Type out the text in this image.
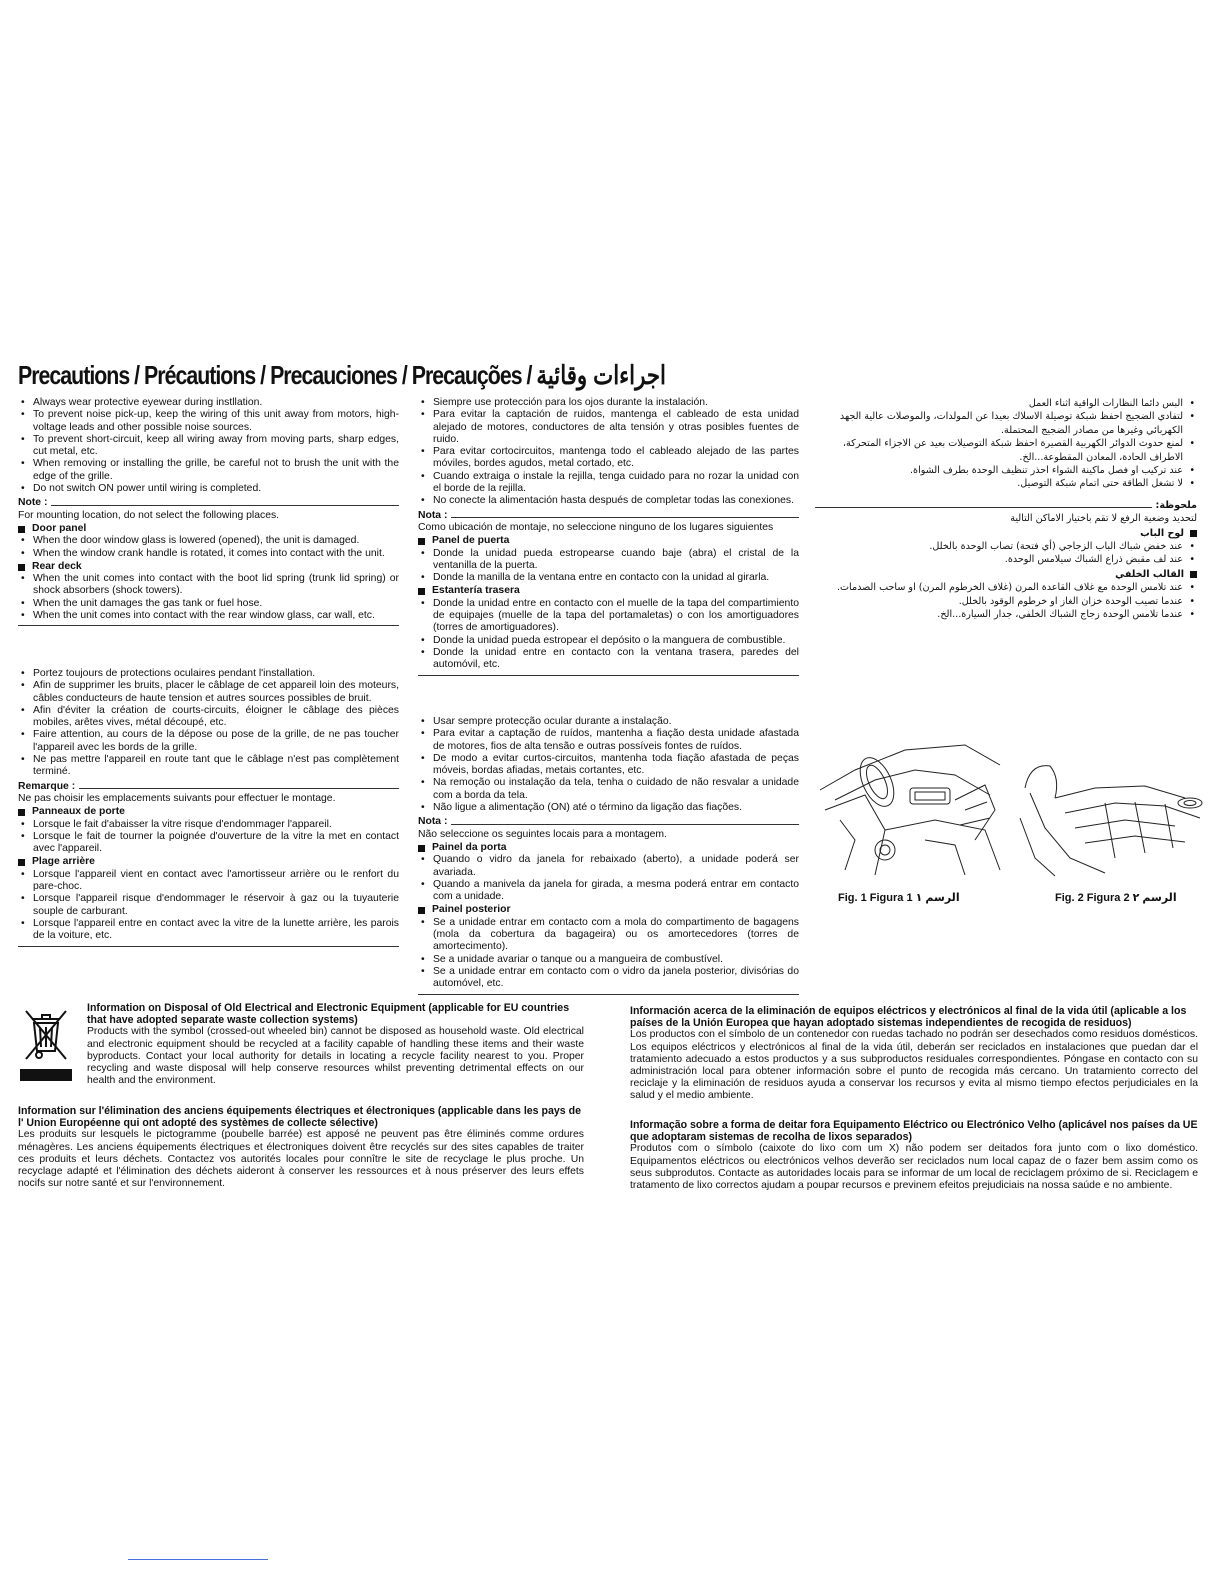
Precautions / Précautions / Precauciones / Precauções / اجراءات وقائية
• Always wear protective eyewear during instllation.
• To prevent noise pick-up, keep the wiring of this unit away from motors, high-voltage leads and other possible noise sources.
• To prevent short-circuit, keep all wiring away from moving parts, sharp edges, cut metal, etc.
• When removing or installing the grille, be careful not to brush the unit with the edge of the grille.
• Do not switch ON power until wiring is completed.
Note :

For mounting location, do not select the following places.

Door panel
• When the door window glass is lowered (opened), the unit is damaged.
• When the window crank handle is rotated, it comes into contact with the unit.
Rear deck
• When the unit comes into contact with the boot lid spring (trunk lid spring) or shock absorbers (shock towers).
• When the unit damages the gas tank or fuel hose.
• When the unit comes into contact with the rear window glass, car wall, etc.
• Siempre use protección para los ojos durante la instalación.
• Para evitar la captación de ruidos, mantenga el cableado de esta unidad alejado de motores, conductores de alta tensión y otras posibles fuentes de ruido.
• Para evitar cortocircuitos, mantenga todo el cableado alejado de las partes móviles, bordes agudos, metal cortado, etc.
• Cuando extraiga o instale la rejilla, tenga cuidado para no rozar la unidad con el borde de la rejilla.
• No conecte la alimentación hasta después de completar todas las conexiones.
Nota :

Como ubicación de montaje, no seleccione ninguno de los lugares siguientes

Panel de puerta
• Donde la unidad pueda estropearse cuando baje (abra) el cristal de la ventanilla de la puerta.
• Donde la manilla de la ventana entre en contacto con la unidad al girarla.
Estantería trasera
• Donde la unidad entre en contacto con el muelle de la tapa del compartimiento de equipajes (muelle de la tapa del portamaletas) o con los amortiguadores (torres de amortiguadores).
• Donde la unidad pueda estropear el depósito o la manguera de combustible.
• Donde la unidad entre en contacto con la ventana trasera, paredes del automóvil, etc.
• البس دائما النظارات الواقية اثناء العمل
• لتفادي الضجيج احفظ شبكة توصيلة الاسلاك بعيدا عن المولدات، والموصلات عالية الجهد الكهربائي وغيرها من مصادر الضجيج المحتملة.
• لمنع حدوث الدوائر الكهربية القصيرة احفظ شبكة التوصيلات بعيد عن الاجزاء المتحركة، الاطراف الحادة، المعادن المقطوعة...الخ.
• عند تركيب او فصل ماكينة الشواء احذر تنظيف الوحدة بطرف الشواة.
• لا تشغل الطاقة حتى اتمام شبكة التوصيل.
ملحوظة:

لتحديد وضعية الرفع لا تقم باختيار الاماكن التالية

لوح الباب
• عند خفض شباك الباب الزجاجي (أي فتحة) تصاب الوحدة بالخلل.
• عند لف مقبض ذراع الشباك سيلامس الوحدة.
القالب الخلفي
• عند تلامس الوحدة مع غلاف القاعدة المرن (غلاف الخرطوم المرن) او ساحب الصدمات.
• عندما تصيب الوحدة خزان الغاز او خرطوم الوقود بالخلل.
• عندما تلامس الوحدة زجاج الشباك الخلفي، جدار السيارة...الخ.
• Portez toujours de protections oculaires pendant l'installation.
• Afin de supprimer les bruits, placer le câblage de cet appareil loin des moteurs, câbles conducteurs de haute tension et autres sources possibles de bruit.
• Afin d'éviter la création de courts-circuits, éloigner le câblage des pièces mobiles, arêtes vives, métal découpé, etc.
• Faire attention, au cours de la dépose ou pose de la grille, de ne pas toucher l'appareil avec les bords de la grille.
• Ne pas mettre l'appareil en route tant que le câblage n'est pas complètement terminé.
Remarque :

Ne pas choisir les emplacements suivants pour effectuer le montage.

Panneaux de porte
• Lorsque le fait d'abaisser la vitre risque d'endommager l'appareil.
• Lorsque le fait de tourner la poignée d'ouverture de la vitre la met en contact avec l'appareil.
Plage arrière
• Lorsque l'appareil vient en contact avec l'amortisseur arrière ou le renfort du pare-choc.
• Lorsque l'appareil risque d'endommager le réservoir à gaz ou la tuyauterie souple de carburant.
• Lorsque l'appareil entre en contact avec la vitre de la lunette arrière, les parois de la voiture, etc.
• Usar sempre protecção ocular durante a instalação.
• Para evitar a captação de ruídos, mantenha a fiação desta unidade afastada de motores, fios de alta tensão e outras possíveis fontes de ruídos.
• De modo a evitar curtos-circuitos, mantenha toda fiação afastada de peças móveis, bordas afiadas, metais cortantes, etc.
• Na remoção ou instalação da tela, tenha o cuidado de não resvalar a unidade com a borda da tela.
• Não ligue a alimentação (ON) até o término da ligação das fiações.
Nota :

Não seleccione os seguintes locais para a montagem.

Painel da porta
• Quando o vidro da janela for rebaixado (aberto), a unidade poderá ser avariada.
• Quando a manivela da janela for girada, a mesma poderá entrar em contacto com a unidade.
Painel posterior
• Se a unidade entrar em contacto com a mola do compartimento de bagagens (mola da cobertura da bagageira) ou os amortecedores (torres de amortecimento).
• Se a unidade avariar o tanque ou a mangueira de combustível.
• Se a unidade entrar em contacto com o vidro da janela posterior, divisórias do automóvel, etc.
Fig. 1 Figura 1 الرسم ١	Fig. 2 Figura 2 الرسم ٢
Information on Disposal of Old Electrical and Electronic Equipment (applicable for EU countries that have adopted separate waste collection systems)

Products with the symbol (crossed-out wheeled bin) cannot be disposed as household waste. Old electrical and electronic equipment should be recycled at a facility capable of handling these items and their waste byproducts. Contact your local authority for details in locating a recycle facility nearest to you. Proper recycling and waste disposal will help conserve resources whilst preventing detrimental effects on our health and the environment.

Information sur l'élimination des anciens équipements électriques et électroniques (applicable dans les pays de l' Union Européenne qui ont adopté des systèmes de collecte sélective)

Les produits sur lesquels le pictogramme (poubelle barrée) est apposé ne peuvent pas être éliminés comme ordures ménagères. Les anciens équipements électriques et électroniques doivent être recyclés sur des sites capables de traiter ces produits et leurs déchets. Contactez vos autorités locales pour connître le site de recyclage le plus proche. Un recyclage adapté et l'élimination des déchets aideront à conserver les ressources et à nous préserver des leurs effets nocifs sur notre santé et sur l'environnement.

Información acerca de la eliminación de equipos eléctricos y electrónicos al final de la vida útil (aplicable a los países de la Unión Europea que hayan adoptado sistemas independientes de recogida de residuos)

Los productos con el símbolo de un contenedor con ruedas tachado no podrán ser desechados como residuos domésticos. Los equipos eléctricos y electrónicos al final de la vida útil, deberán ser reciclados en instalaciones que puedan dar el tratamiento adecuado a estos productos y a sus subproductos residuales correspondientes. Póngase en contacto con su administración local para obtener información sobre el punto de recogida más cercano. Un tratamiento correcto del reciclaje y la eliminación de residuos ayuda a conservar los recursos y evita al mismo tiempo efectos perjudiciales en la salud y el medio ambiente.

Informação sobre a forma de deitar fora Equipamento Eléctrico ou Electrónico Velho (aplicável nos países da UE que adoptaram sistemas de recolha de lixos separados)

Produtos com o símbolo (caixote do lixo com um X) não podem ser deitados fora junto com o lixo doméstico. Equipamentos eléctricos ou electrónicos velhos deverão ser reciclados num local capaz de o fazer bem assim como os seus subprodutos. Contacte as autoridades locais para se informar de um local de reciclagem próximo de si. Reciclagem e tratamento de lixo correctos ajudam a poupar recursos e previnem efeitos prejudiciais na nossa saúde e no ambiente.
